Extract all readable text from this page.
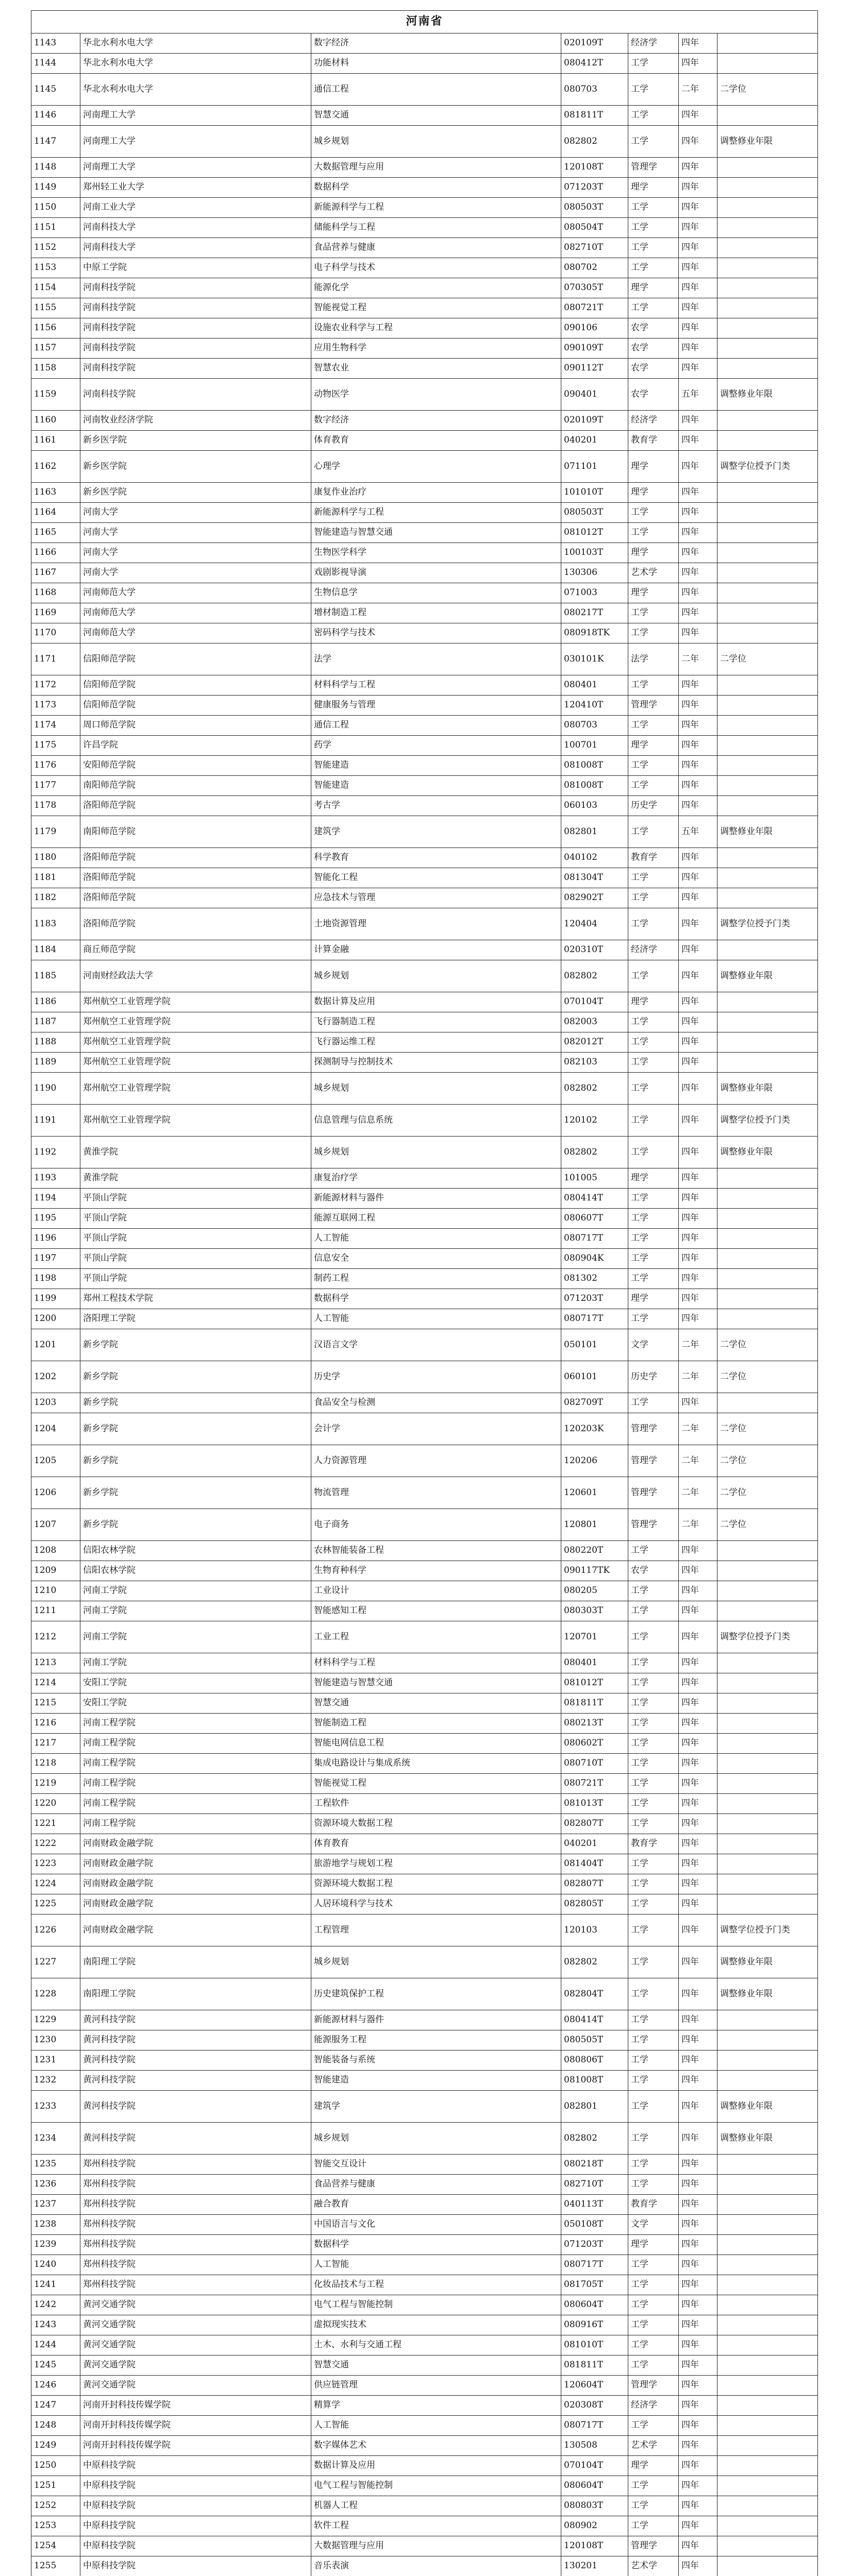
河南省						
1143	华北水利水电大学	数字经济	020109T	经济学	四年	
1144	华北水利水电大学	功能材料	080412T	工学	四年	
1145	华北水利水电大学	通信工程	080703	工学	二年	二学位
1146	河南理工大学	智慧交通	081811T	工学	四年	
1147	河南理工大学	城乡规划	082802	工学	四年	调整修业年限
1148	河南理工大学	大数据管理与应用	120108T	管理学	四年	
1149	郑州轻工业大学	数据科学	071203T	理学	四年	
1150	河南工业大学	新能源科学与工程	080503T	工学	四年	
1151	河南科技大学	储能科学与工程	080504T	工学	四年	
1152	河南科技大学	食品营养与健康	082710T	工学	四年	
1153	中原工学院	电子科学与技术	080702	工学	四年	
1154	河南科技学院	能源化学	070305T	理学	四年	
1155	河南科技学院	智能视觉工程	080721T	工学	四年	
1156	河南科技学院	设施农业科学与工程	090106	农学	四年	
1157	河南科技学院	应用生物科学	090109T	农学	四年	
1158	河南科技学院	智慧农业	090112T	农学	四年	
1159	河南科技学院	动物医学	090401	农学	五年	调整修业年限
1160	河南牧业经济学院	数字经济	020109T	经济学	四年	
1161	新乡医学院	体育教育	040201	教育学	四年	
1162	新乡医学院	心理学	071101	理学	四年	调整学位授予门类
1163	新乡医学院	康复作业治疗	101010T	理学	四年	
1164	河南大学	新能源科学与工程	080503T	工学	四年	
1165	河南大学	智能建造与智慧交通	081012T	工学	四年	
1166	河南大学	生物医学科学	100103T	理学	四年	
1167	河南大学	戏剧影视导演	130306	艺术学	四年	
1168	河南师范大学	生物信息学	071003	理学	四年	
1169	河南师范大学	增材制造工程	080217T	工学	四年	
1170	河南师范大学	密码科学与技术	080918TK	工学	四年	
1171	信阳师范学院	法学	030101K	法学	二年	二学位
1172	信阳师范学院	材料科学与工程	080401	工学	四年	
1173	信阳师范学院	健康服务与管理	120410T	管理学	四年	
1174	周口师范学院	通信工程	080703	工学	四年	
1175	许昌学院	药学	100701	理学	四年	
1176	安阳师范学院	智能建造	081008T	工学	四年	
1177	南阳师范学院	智能建造	081008T	工学	四年	
1178	洛阳师范学院	考古学	060103	历史学	四年	
1179	南阳师范学院	建筑学	082801	工学	五年	调整修业年限
1180	洛阳师范学院	科学教育	040102	教育学	四年	
1181	洛阳师范学院	智能化工程	081304T	工学	四年	
1182	洛阳师范学院	应急技术与管理	082902T	工学	四年	
1183	洛阳师范学院	土地资源管理	120404	工学	四年	调整学位授予门类
1184	商丘师范学院	计算金融	020310T	经济学	四年	
1185	河南财经政法大学	城乡规划	082802	工学	四年	调整修业年限
1186	郑州航空工业管理学院	数据计算及应用	070104T	理学	四年	
1187	郑州航空工业管理学院	飞行器制造工程	082003	工学	四年	
1188	郑州航空工业管理学院	飞行器运维工程	082012T	工学	四年	
1189	郑州航空工业管理学院	探测制导与控制技术	082103	工学	四年	
1190	郑州航空工业管理学院	城乡规划	082802	工学	四年	调整修业年限
1191	郑州航空工业管理学院	信息管理与信息系统	120102	工学	四年	调整学位授予门类
1192	黄淮学院	城乡规划	082802	工学	四年	调整修业年限
1193	黄淮学院	康复治疗学	101005	理学	四年	
1194	平顶山学院	新能源材料与器件	080414T	工学	四年	
1195	平顶山学院	能源互联网工程	080607T	工学	四年	
1196	平顶山学院	人工智能	080717T	工学	四年	
1197	平顶山学院	信息安全	080904K	工学	四年	
1198	平顶山学院	制药工程	081302	工学	四年	
1199	郑州工程技术学院	数据科学	071203T	理学	四年	
1200	洛阳理工学院	人工智能	080717T	工学	四年	
1201	新乡学院	汉语言文学	050101	文学	二年	二学位
1202	新乡学院	历史学	060101	历史学	二年	二学位
1203	新乡学院	食品安全与检测	082709T	工学	四年	
1204	新乡学院	会计学	120203K	管理学	二年	二学位
1205	新乡学院	人力资源管理	120206	管理学	二年	二学位
1206	新乡学院	物流管理	120601	管理学	二年	二学位
1207	新乡学院	电子商务	120801	管理学	二年	二学位
1208	信阳农林学院	农林智能装备工程	080220T	工学	四年	
1209	信阳农林学院	生物育种科学	090117TK	农学	四年	
1210	河南工学院	工业设计	080205	工学	四年	
1211	河南工学院	智能感知工程	080303T	工学	四年	
1212	河南工学院	工业工程	120701	工学	四年	调整学位授予门类
1213	河南工学院	材料科学与工程	080401	工学	四年	
1214	安阳工学院	智能建造与智慧交通	081012T	工学	四年	
1215	安阳工学院	智慧交通	081811T	工学	四年	
1216	河南工程学院	智能制造工程	080213T	工学	四年	
1217	河南工程学院	智能电网信息工程	080602T	工学	四年	
1218	河南工程学院	集成电路设计与集成系统	080710T	工学	四年	
1219	河南工程学院	智能视觉工程	080721T	工学	四年	
1220	河南工程学院	工程软件	081013T	工学	四年	
1221	河南工程学院	资源环境大数据工程	082807T	工学	四年	
1222	河南财政金融学院	体育教育	040201	教育学	四年	
1223	河南财政金融学院	旅游地学与规划工程	081404T	工学	四年	
1224	河南财政金融学院	资源环境大数据工程	082807T	工学	四年	
1225	河南财政金融学院	人居环境科学与技术	082805T	工学	四年	
1226	河南财政金融学院	工程管理	120103	工学	四年	调整学位授予门类
1227	南阳理工学院	城乡规划	082802	工学	四年	调整修业年限
1228	南阳理工学院	历史建筑保护工程	082804T	工学	四年	调整修业年限
1229	黄河科技学院	新能源材料与器件	080414T	工学	四年	
1230	黄河科技学院	能源服务工程	080505T	工学	四年	
1231	黄河科技学院	智能装备与系统	080806T	工学	四年	
1232	黄河科技学院	智能建造	081008T	工学	四年	
1233	黄河科技学院	建筑学	082801	工学	四年	调整修业年限
1234	黄河科技学院	城乡规划	082802	工学	四年	调整修业年限
1235	郑州科技学院	智能交互设计	080218T	工学	四年	
1236	郑州科技学院	食品营养与健康	082710T	工学	四年	
1237	郑州科技学院	融合教育	040113T	教育学	四年	
1238	郑州科技学院	中国语言与文化	050108T	文学	四年	
1239	郑州科技学院	数据科学	071203T	理学	四年	
1240	郑州科技学院	人工智能	080717T	工学	四年	
1241	郑州科技学院	化妆品技术与工程	081705T	工学	四年	
1242	黄河交通学院	电气工程与智能控制	080604T	工学	四年	
1243	黄河交通学院	虚拟现实技术	080916T	工学	四年	
1244	黄河交通学院	土木、水利与交通工程	081010T	工学	四年	
1245	黄河交通学院	智慧交通	081811T	工学	四年	
1246	黄河交通学院	供应链管理	120604T	管理学	四年	
1247	河南开封科技传媒学院	精算学	020308T	经济学	四年	
1248	河南开封科技传媒学院	人工智能	080717T	工学	四年	
1249	河南开封科技传媒学院	数字媒体艺术	130508	艺术学	四年	
1250	中原科技学院	数据计算及应用	070104T	理学	四年	
1251	中原科技学院	电气工程与智能控制	080604T	工学	四年	
1252	中原科技学院	机器人工程	080803T	工学	四年	
1253	中原科技学院	软件工程	080902	工学	四年	
1254	中原科技学院	大数据管理与应用	120108T	管理学	四年	
1255	中原科技学院	音乐表演	130201	艺术学	四年	
